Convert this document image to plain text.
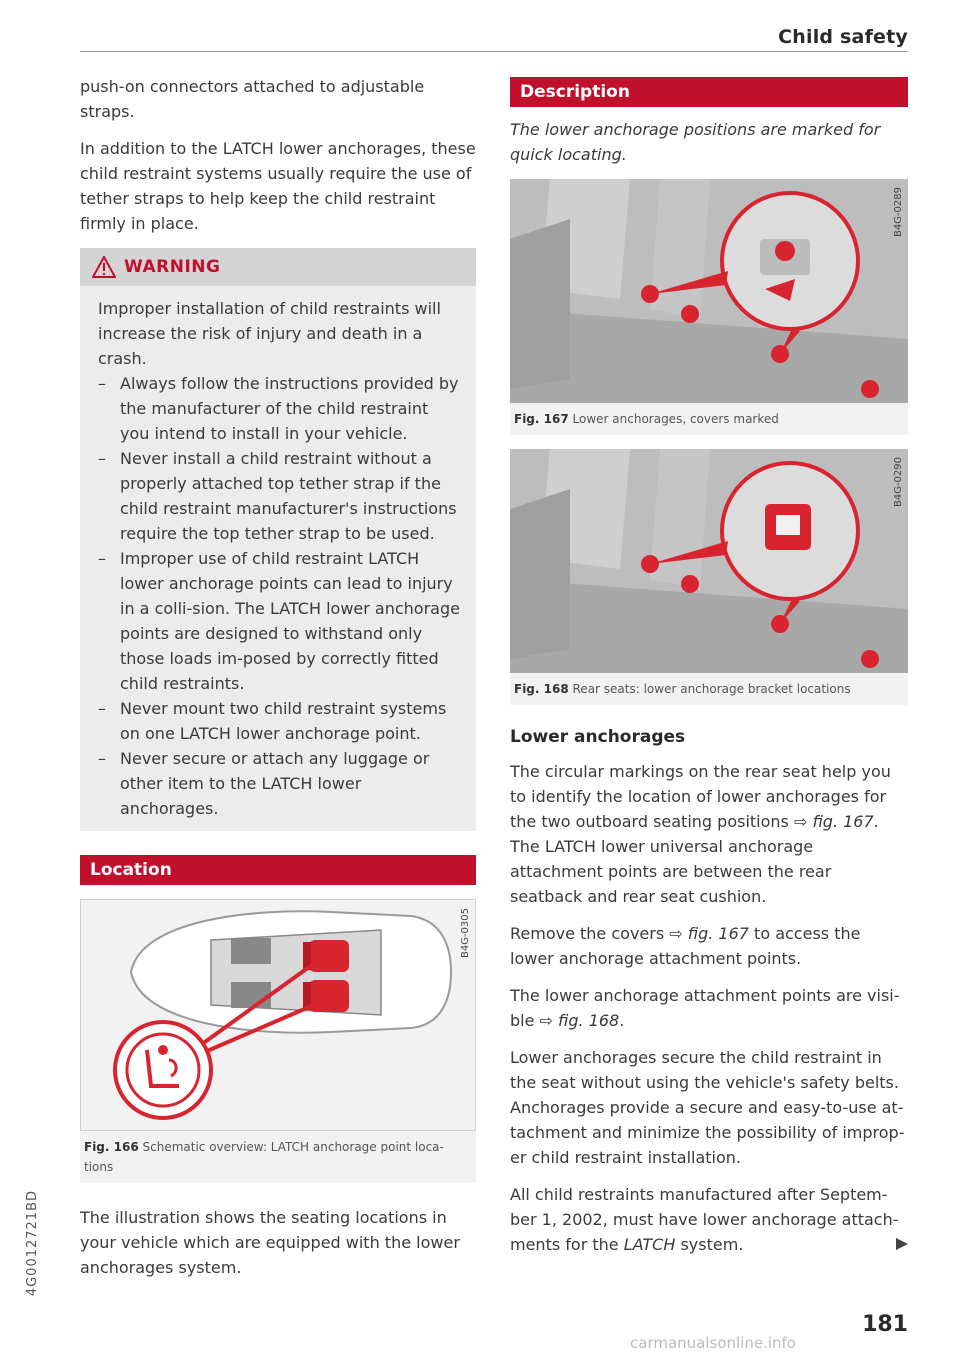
Child safety

push-on connectors attached to adjustable straps.

In addition to the LATCH lower anchorages, these child restraint systems usually require the use of tether straps to help keep the child restraint firmly in place.

WARNING
Improper installation of child restraints will increase the risk of injury and death in a crash.
– Always follow the instructions provided by the manufacturer of the child restraint you intend to install in your vehicle.
– Never install a child restraint without a properly attached top tether strap if the child restraint manufacturer's instructions require the top tether strap to be used.
– Improper use of child restraint LATCH lower anchorage points can lead to injury in a colli-sion. The LATCH lower anchorage points are designed to withstand only those loads im-posed by correctly fitted child restraints.
– Never mount two child restraint systems on one LATCH lower anchorage point.
– Never secure or attach any luggage or other item to the LATCH lower anchorages.
Location
B4G-0305
Fig. 166 Schematic overview: LATCH anchorage point loca-tions

The illustration shows the seating locations in your vehicle which are equipped with the lower anchorages system.

Description

The lower anchorage positions are marked for quick locating.

B4G-0289
Fig. 167 Lower anchorages, covers marked
B4G-0290
Fig. 168 Rear seats: lower anchorage bracket locations
Lower anchorages

The circular markings on the rear seat help you to identify the location of lower anchorages for the two outboard seating positions ⇨ fig. 167. The LATCH lower universal anchorage attachment points are between the rear seatback and rear seat cushion.

Remove the covers ⇨ fig. 167 to access the lower anchorage attachment points.

The lower anchorage attachment points are visi-ble ⇨ fig. 168.

Lower anchorages secure the child restraint in the seat without using the vehicle's safety belts. Anchorages provide a secure and easy-to-use at-tachment and minimize the possibility of improp-er child restraint installation.

All child restraints manufactured after Septem-ber 1, 2002, must have lower anchorage attach-ments for the LATCH system.

181
4G0012721BD
carmanualsonline.info
